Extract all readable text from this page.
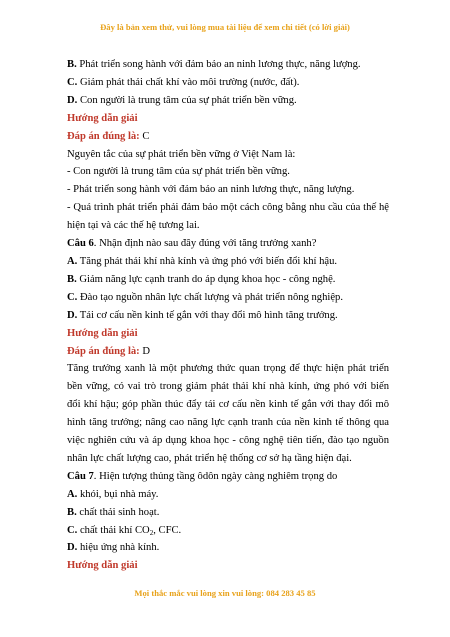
Đây là bản xem thử, vui lòng mua tài liệu để xem chi tiết (có lời giải)

B. Phát triển song hành với đảm bảo an ninh lương thực, năng lượng.

C. Giảm phát thải chất khí vào môi trường (nước, đất).

D. Con người là trung tâm của sự phát triển bền vững.

Hướng dẫn giải

Đáp án đúng là: C

Nguyên tắc của sự phát triển bền vững ở Việt Nam là:

- Con người là trung tâm của sự phát triển bền vững.

- Phát triển song hành với đảm bảo an ninh lương thực, năng lượng.

- Quá trình phát triển phải đảm bảo một cách công bằng nhu cầu của thế hệ hiện tại và các thế hệ tương lai.

Câu 6. Nhận định nào sau đây đúng với tăng trưởng xanh?

A. Tăng phát thải khí nhà kính và ứng phó với biến đổi khí hậu.

B. Giảm năng lực cạnh tranh do áp dụng khoa học - công nghệ.

C. Đào tạo nguồn nhân lực chất lượng và phát triển nông nghiệp.

D. Tái cơ cấu nền kinh tế gắn với thay đổi mô hình tăng trưởng.

Hướng dẫn giải

Đáp án đúng là: D

Tăng trưởng xanh là một phương thức quan trọng để thực hiện phát triển bền vững, có vai trò trong giảm phát thải khí nhà kính, ứng phó với biến đổi khí hậu; góp phần thúc đẩy tái cơ cấu nền kinh tế gắn với thay đổi mô hình tăng trưởng; nâng cao năng lực cạnh tranh của nền kinh tế thông qua việc nghiên cứu và áp dụng khoa học - công nghệ tiên tiến, đào tạo nguồn nhân lực chất lượng cao, phát triển hệ thống cơ sở hạ tầng hiện đại.

Câu 7. Hiện tượng thủng tầng ôdôn ngày càng nghiêm trọng do

A. khói, bụi nhà máy.

B. chất thải sinh hoạt.

C. chất thải khí $CO_2$, CFC.

D. hiệu ứng nhà kính.

Hướng dẫn giải

Mọi thắc mắc vui lòng xin vui lòng: 084 283 45 85
